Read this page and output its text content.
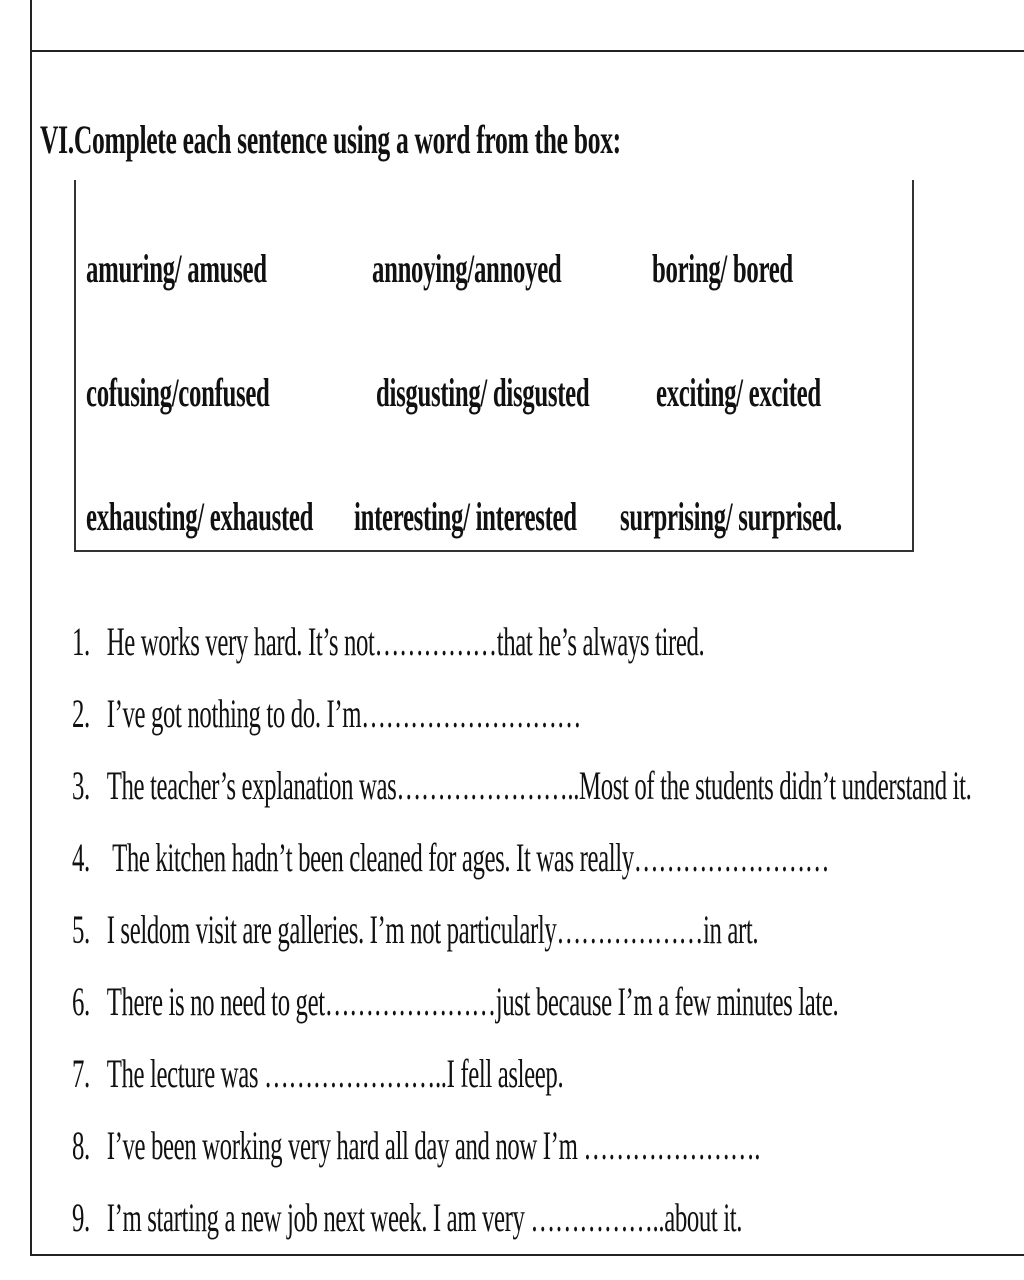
VI.Complete each sentence using a word from the box:
amuring/ amused	annoying/annoyed boring/ bored
cofusing/confused	disgusting/ disgusted exciting/ excited
exhausting/ exhausted interesting/ interested surprising/ surprised.
1. He works very hard. It’s not……………that he’s always tired.
2. I’ve got nothing to do. I’m………………………
3. The teacher’s explanation was…………………..Most of the students didn’t understand it.
4. The kitchen hadn’t been cleaned for ages. It was really……………………
5. I seldom visit are galleries. I’m not particularly………………in art.
6. There is no need to get…………………just because I’m a few minutes late.
7. The lecture was …………………..I fell asleep.
8. I’ve been working very hard all day and now I’m ………………….
9. I’m starting a new job next week. I am very ……………..about it.
